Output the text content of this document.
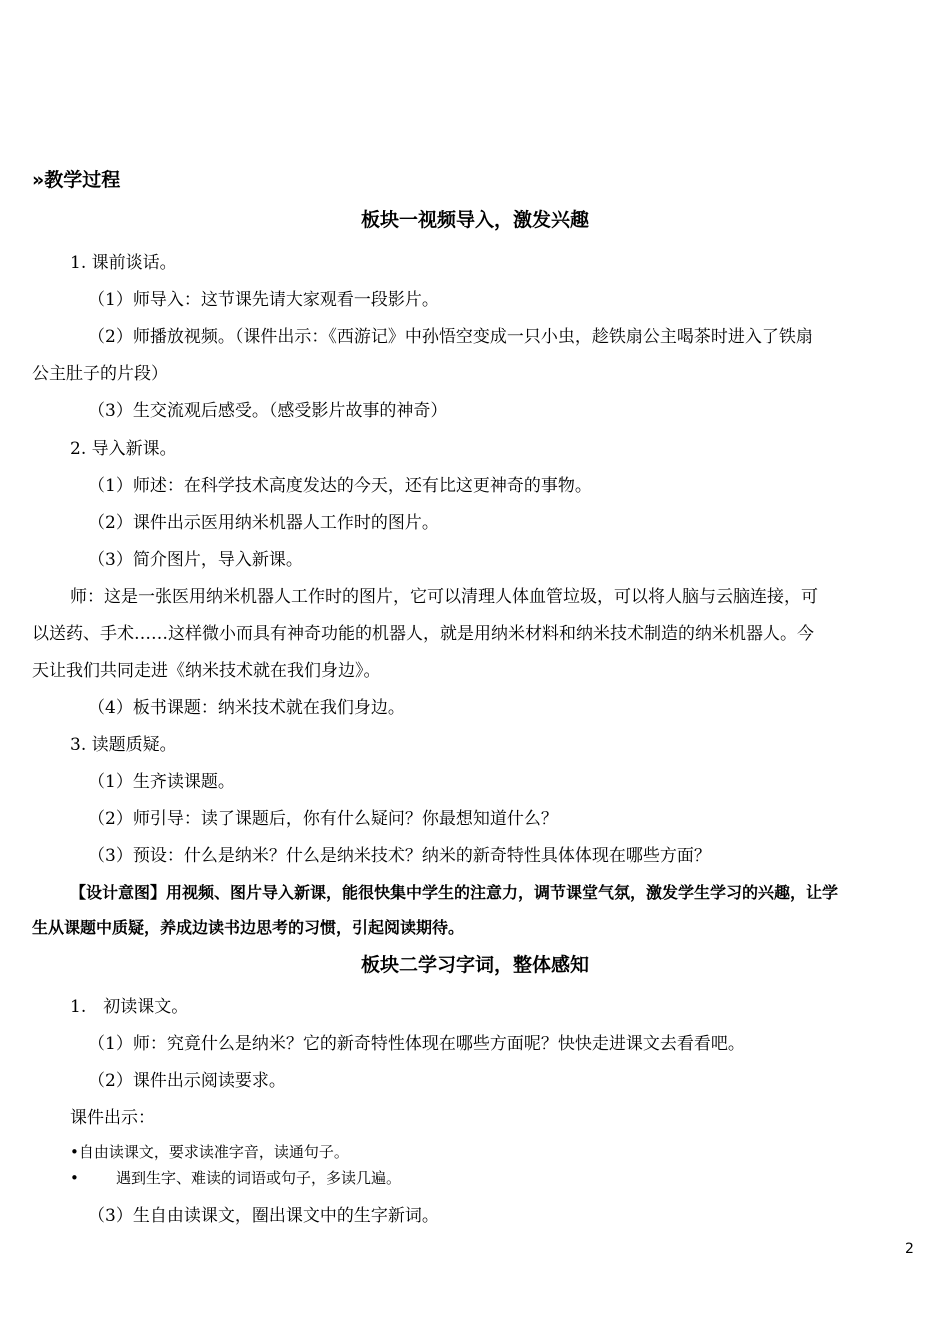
»教学过程
板块一视频导入，激发兴趣
1. 课前谈话。
（1）师导入：这节课先请大家观看一段影片。
（2）师播放视频。（课件出示：《西游记》中孙悟空变成一只小虫，趁铁扇公主喝茶时进入了铁扇
公主肚子的片段）
（3）生交流观后感受。（感受影片故事的神奇）
2. 导入新课。
（1）师述：在科学技术高度发达的今天，还有比这更神奇的事物。
（2）课件出示医用纳米机器人工作时的图片。
（3）简介图片，导入新课。
师：这是一张医用纳米机器人工作时的图片，它可以清理人体血管垃圾，可以将人脑与云脑连接，可
以送药、手术……这样微小而具有神奇功能的机器人，就是用纳米材料和纳米技术制造的纳米机器人。今
天让我们共同走进《纳米技术就在我们身边》。
（4）板书课题：纳米技术就在我们身边。
3. 读题质疑。
（1）生齐读课题。
（2）师引导：读了课题后，你有什么疑问？你最想知道什么？
（3）预设：什么是纳米？什么是纳米技术？纳米的新奇特性具体体现在哪些方面？
【设计意图】用视频、图片导入新课，能很快集中学生的注意力，调节课堂气氛，激发学生学习的兴趣，让学
生从课题中质疑，养成边读书边思考的习惯，引起阅读期待。
板块二学习字词，整体感知
1.　初读课文。
（1）师：究竟什么是纳米？它的新奇特性体现在哪些方面呢？快快走进课文去看看吧。
（2）课件出示阅读要求。
课件出示：
•自由读课文，要求读准字音，读通句子。
• 遇到生字、难读的词语或句子，多读几遍。
（3）生自由读课文，圈出课文中的生字新词。
2
